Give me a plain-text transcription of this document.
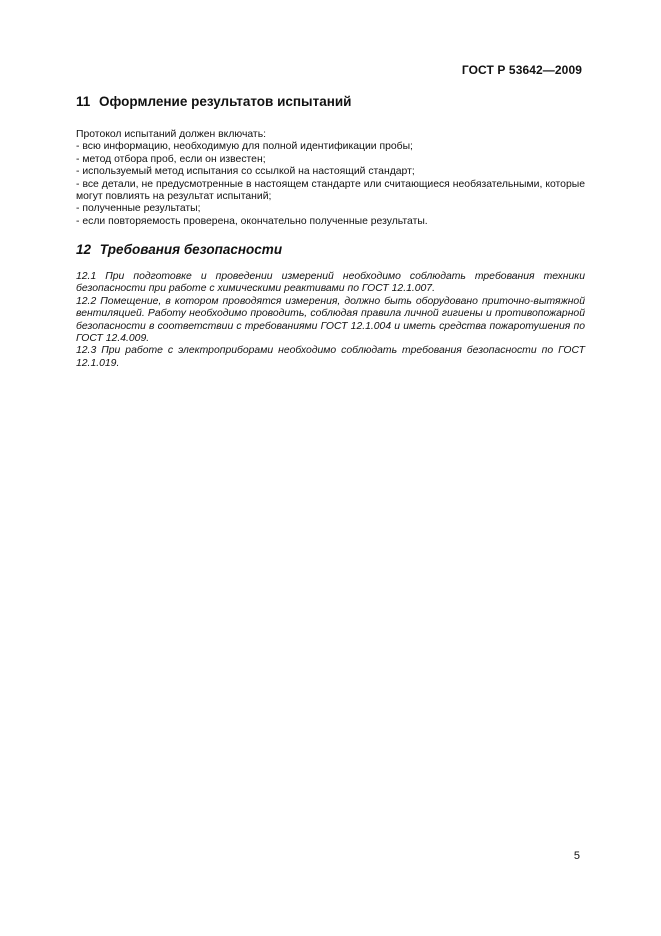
ГОСТ Р 53642—2009
11 Оформление результатов испытаний

Протокол испытаний должен включать:

- всю информацию, необходимую для полной идентификации пробы;

- метод отбора проб, если он известен;

- используемый метод испытания со ссылкой на настоящий стандарт;

- все детали, не предусмотренные в настоящем стандарте или считающиеся необязательными, которые могут повлиять на результат испытаний;

- полученные результаты;

- если повторяемость проверена, окончательно полученные результаты.

12 Требования безопасности

12.1 При подготовке и проведении измерений необходимо соблюдать требования техники безопасности при работе с химическими реактивами по ГОСТ 12.1.007.

12.2 Помещение, в котором проводятся измерения, должно быть оборудовано приточно-вытяжной вентиляцией. Работу необходимо проводить, соблюдая правила личной гигиены и противопожарной безопасности в соответствии с требованиями ГОСТ 12.1.004 и иметь средства пожаротушения по ГОСТ 12.4.009.

12.3 При работе с электроприборами необходимо соблюдать требования безопасности по ГОСТ 12.1.019.

5
